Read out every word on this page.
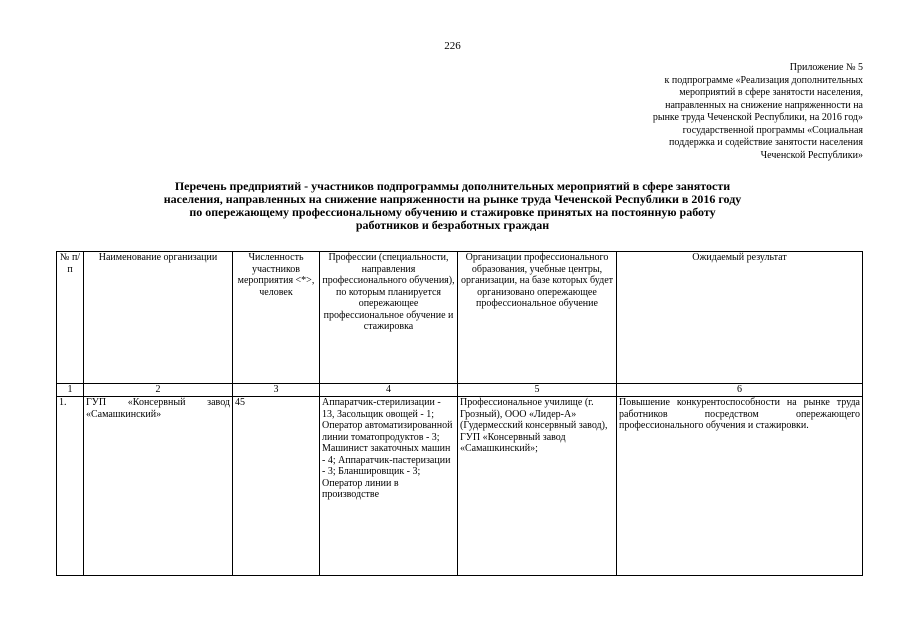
226
Приложение № 5
к подпрограмме «Реализация дополнительных
мероприятий в сфере занятости населения,
направленных на снижение напряженности на
рынке труда Чеченской Республики, на 2016 год»
государственной программы «Социальная
поддержка и содействие занятости населения
Чеченской Республики»
Перечень предприятий - участников подпрограммы дополнительных мероприятий в сфере занятости
населения, направленных на снижение напряженности на рынке труда Чеченской Республики в 2016 году
по опережающему профессиональному обучению и стажировке принятых на постоянную работу
работников и безработных граждан
№ п/п	Наименование организации	Численность участников мероприятия <*>, человек	Профессии (специальности, направления профессионального обучения), по которым планируется опережающее профессиональное обучение и стажировка	Организации профессионального образования, учебные центры, организации, на базе которых будет организовано опережающее профессиональное обучение	Ожидаемый результат
1	2	3	4	5	6
1.	ГУП «Консервный завод «Самашкинский»	45	Аппаратчик-стерилизации - 13, Засольщик овощей - 1; Оператор автоматизированной линии томатопродуктов - 3; Машинист закаточных машин - 4; Аппаратчик-пастеризации - 3; Бланшировщик - 3; Оператор линии в производстве	Профессиональное училище (г. Грозный), ООО «Лидер-А» (Гудермесский консервный завод), ГУП «Консервный завод «Самашкинский»;	Повышение конкурентоспособности на рынке труда работников посредством опережающего профессионального обучения и стажировки.
